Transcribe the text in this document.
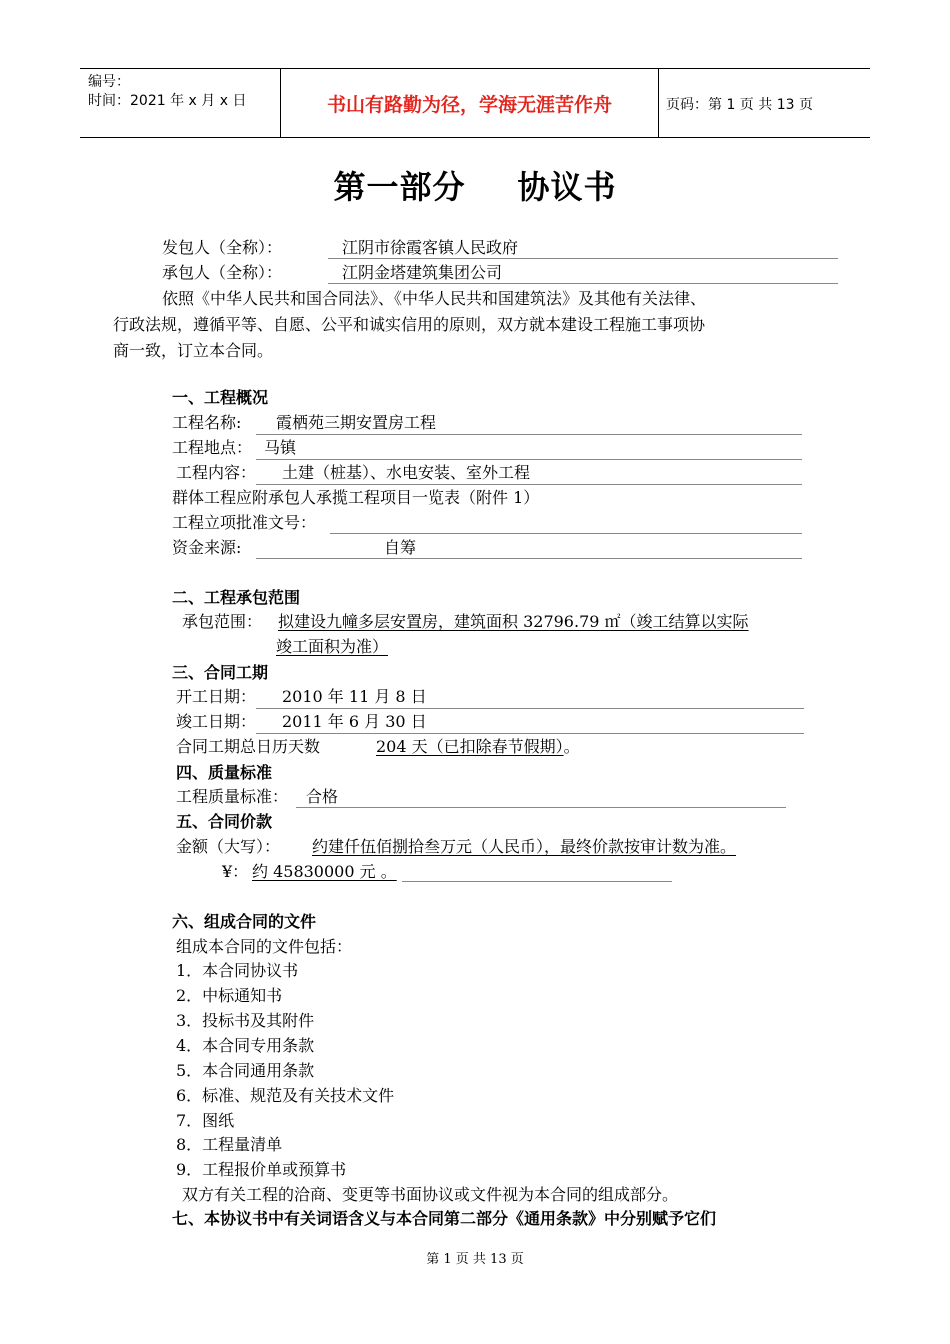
编号：
时间：2021 年 x 月 x 日	书山有路勤为径，学海无涯苦作舟	页码：第 1 页 共 13 页
第一部分 协议书
发包人（全称）：	江阴市徐霞客镇人民政府
承包人（全称）：	江阴金塔建筑集团公司
依照《中华人民共和国合同法》、《中华人民共和国建筑法》及其他有关法律、
行政法规，遵循平等、自愿、公平和诚实信用的原则，双方就本建设工程施工事项协
商一致，订立本合同。
一、工程概况
工程名称: 霞栖苑三期安置房工程
工程地点： 马镇
工程内容： 土建（桩基）、水电安装、室外工程
群体工程应附承包人承揽工程项目一览表（附件 1）
工程立项批准文号：
资金来源:	自筹
二、工程承包范围
承包范围： 拟建设九幢多层安置房，建筑面积 32796.79 ㎡（竣工结算以实际
竣工面积为准）
三、合同工期
开工日期： 2010 年 11 月 8 日
竣工日期： 2011 年 6 月 30 日
合同工期总日历天数	204 天（已扣除春节假期）。
四、质量标准
工程质量标准： 合格
五、合同价款
金额（大写）： 约建仟伍佰捌拾叁万元（人民币），最终价款按审计数为准。
¥： 约 45830000 元 。
六、组成合同的文件
组成本合同的文件包括：
1．本合同协议书
2．中标通知书
3．投标书及其附件
4．本合同专用条款
5．本合同通用条款
6．标准、规范及有关技术文件
7．图纸
8．工程量清单
9．工程报价单或预算书
双方有关工程的洽商、变更等书面协议或文件视为本合同的组成部分。
七、本协议书中有关词语含义与本合同第二部分《通用条款》中分别赋予它们
第 1 页 共 13 页
